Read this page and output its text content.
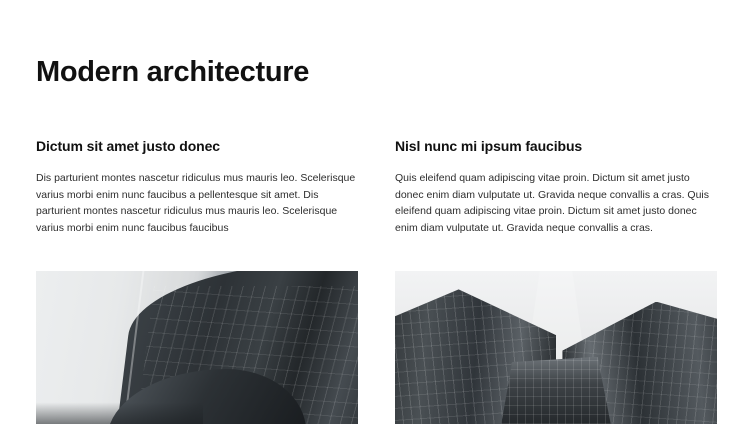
Modern architecture
Dictum sit amet justo donec

Dis parturient montes nascetur ridiculus mus mauris leo. Scelerisque varius morbi enim nunc faucibus a pellentesque sit amet. Dis parturient montes nascetur ridiculus mus mauris leo. Scelerisque varius morbi enim nunc faucibus faucibus

Nisl nunc mi ipsum faucibus

Quis eleifend quam adipiscing vitae proin. Dictum sit amet justo donec enim diam vulputate ut. Gravida neque convallis a cras. Quis eleifend quam adipiscing vitae proin. Dictum sit amet justo donec enim diam vulputate ut. Gravida neque convallis a cras.
